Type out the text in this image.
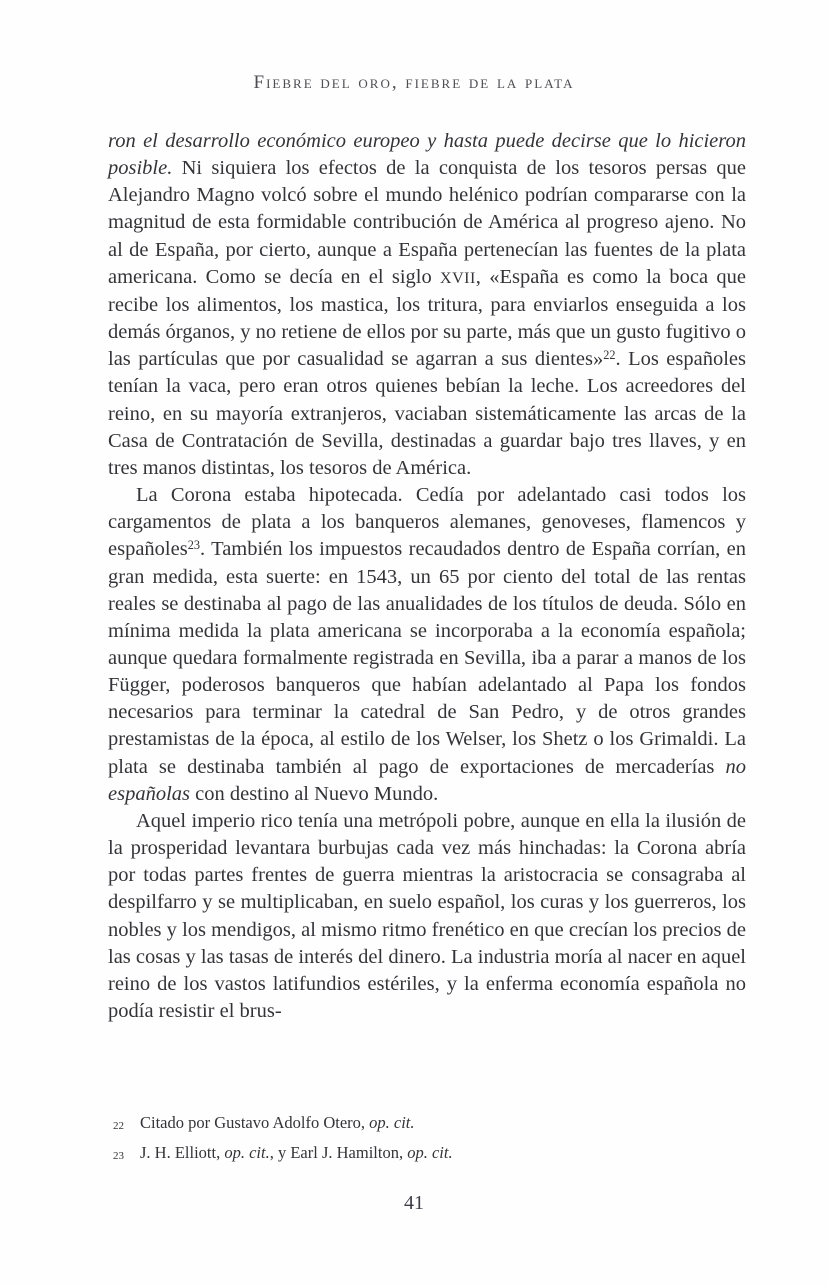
Fiebre del oro, fiebre de la plata

ron el desarrollo económico europeo y hasta puede decirse que lo hicieron posible. Ni siquiera los efectos de la conquista de los tesoros persas que Alejandro Magno volcó sobre el mundo helénico podrían compararse con la magnitud de esta formidable contribución de América al progreso ajeno. No al de España, por cierto, aunque a España pertenecían las fuentes de la plata americana. Como se decía en el siglo XVII, «España es como la boca que recibe los alimentos, los mastica, los tritura, para enviarlos enseguida a los demás órganos, y no retiene de ellos por su parte, más que un gusto fugitivo o las partículas que por casualidad se agarran a sus dientes»$^{22}$. Los españoles tenían la vaca, pero eran otros quienes bebían la leche. Los acreedores del reino, en su mayoría extranjeros, vaciaban sistemáticamente las arcas de la Casa de Contratación de Sevilla, destinadas a guardar bajo tres llaves, y en tres manos distintas, los tesoros de América.

La Corona estaba hipotecada. Cedía por adelantado casi todos los cargamentos de plata a los banqueros alemanes, genoveses, flamencos y españoles$^{23}$. También los impuestos recaudados dentro de España corrían, en gran medida, esta suerte: en 1543, un 65 por ciento del total de las rentas reales se destinaba al pago de las anualidades de los títulos de deuda. Sólo en mínima medida la plata americana se incorporaba a la economía española; aunque quedara formalmente registrada en Sevilla, iba a parar a manos de los Függer, poderosos banqueros que habían adelantado al Papa los fondos necesarios para terminar la catedral de San Pedro, y de otros grandes prestamistas de la época, al estilo de los Welser, los Shetz o los Grimaldi. La plata se destinaba también al pago de exportaciones de mercaderías no españolas con destino al Nuevo Mundo.

Aquel imperio rico tenía una metrópoli pobre, aunque en ella la ilusión de la prosperidad levantara burbujas cada vez más hinchadas: la Corona abría por todas partes frentes de guerra mientras la aristocracia se consagraba al despilfarro y se multiplicaban, en suelo español, los curas y los guerreros, los nobles y los mendigos, al mismo ritmo frenético en que crecían los precios de las cosas y las tasas de interés del dinero. La industria moría al nacer en aquel reino de los vastos latifundios estériles, y la enferma economía española no podía resistir el brus-

22 Citado por Gustavo Adolfo Otero, op. cit.
23 J. H. Elliott, op. cit., y Earl J. Hamilton, op. cit.
41
